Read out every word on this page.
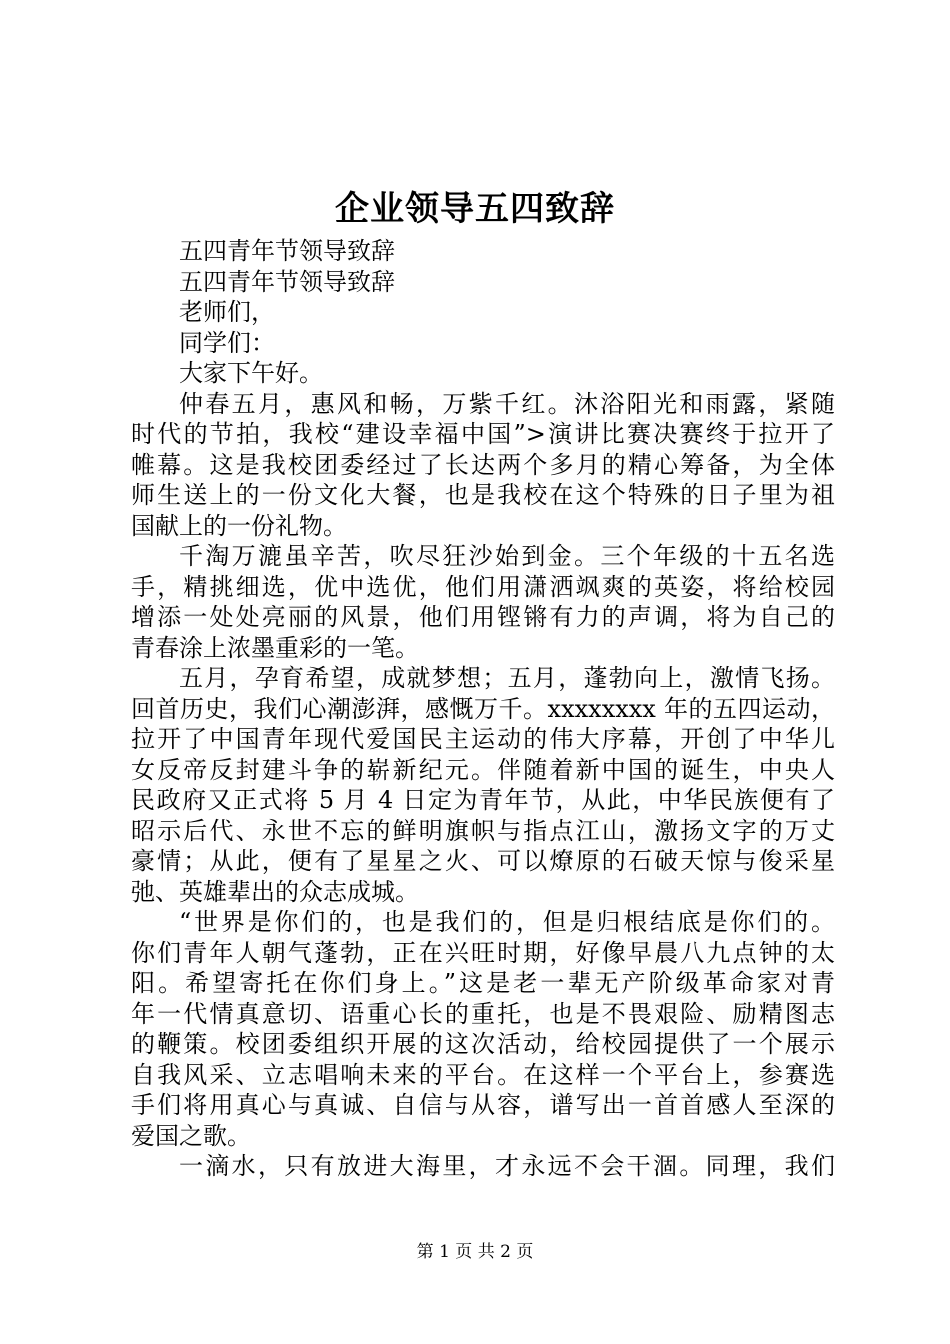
企业领导五四致辞
五四青年节领导致辞
五四青年节领导致辞
老师们，
同学们：
大家下午好。
仲春五月，惠风和畅，万紫千红。沐浴阳光和雨露，紧随
时代的节拍，我校“建设幸福中国”>演讲比赛决赛终于拉开了
帷幕。这是我校团委经过了长达两个多月的精心筹备，为全体
师生送上的一份文化大餐，也是我校在这个特殊的日子里为祖
国献上的一份礼物。
千淘万漉虽辛苦，吹尽狂沙始到金。三个年级的十五名选
手，精挑细选，优中选优，他们用潇洒飒爽的英姿，将给校园
增添一处处亮丽的风景，他们用铿锵有力的声调，将为自己的
青春涂上浓墨重彩的一笔。
五月，孕育希望，成就梦想；五月，蓬勃向上，激情飞扬。
回首历史，我们心潮澎湃，感慨万千。xxxxxxxx 年的五四运动，
拉开了中国青年现代爱国民主运动的伟大序幕，开创了中华儿
女反帝反封建斗争的崭新纪元。伴随着新中国的诞生，中央人
民政府又正式将 5 月 4 日定为青年节，从此，中华民族便有了
昭示后代、永世不忘的鲜明旗帜与指点江山，激扬文字的万丈
豪情；从此，便有了星星之火、可以燎原的石破天惊与俊采星
弛、英雄辈出的众志成城。
“世界是你们的，也是我们的，但是归根结底是你们的。
你们青年人朝气蓬勃，正在兴旺时期，好像早晨八九点钟的太
阳。希望寄托在你们身上。”这是老一辈无产阶级革命家对青
年一代情真意切、语重心长的重托，也是不畏艰险、励精图志
的鞭策。校团委组织开展的这次活动，给校园提供了一个展示
自我风采、立志唱响未来的平台。在这样一个平台上，参赛选
手们将用真心与真诚、自信与从容，谱写出一首首感人至深的
爱国之歌。
一滴水，只有放进大海里，才永远不会干涸。同理，我们
第 1 页 共 2 页
